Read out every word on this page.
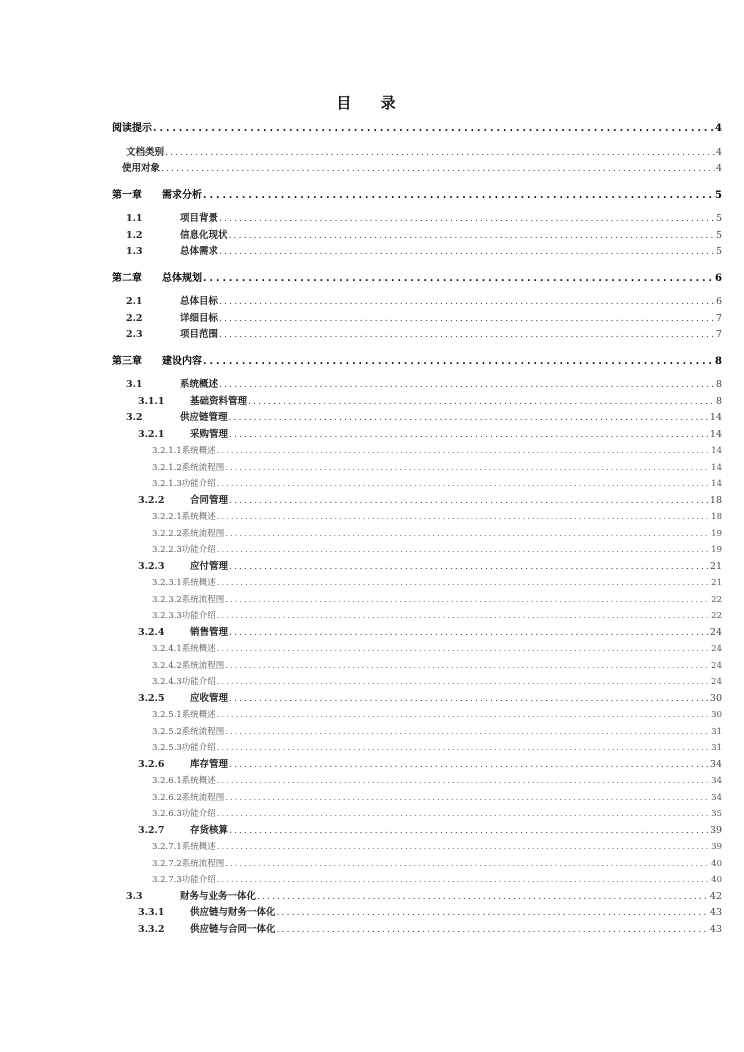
目 录
阅读提示 .....	4
文档类别 .....	4
使用对象 .....	4
第一章	需求分析 .....	5
1.1	项目背景 .....	5
1.2	信息化现状 .....	5
1.3	总体需求 .....	5
第二章	总体规划 .....	6
2.1	总体目标 .....	6
2.2	详细目标 .....	7
2.3	项目范围 .....	7
第三章	建设内容 .....	8
3.1	系统概述 .....	8
3.1.1	基础资料管理 .....	8
3.2	供应链管理 .....	14
3.2.1	采购管理 .....	14
3.2.1.1 系统概述 .....	14
3.2.1.2 系统流程图 .....	14
3.2.1.3 功能介绍 .....	14
3.2.2	合同管理 .....	18
3.2.2.1 系统概述 .....	18
3.2.2.2 系统流程图 .....	19
3.2.2.3 功能介绍 .....	19
3.2.3	应付管理 .....	21
3.2.3.1 系统概述 .....	21
3.2.3.2 系统流程图 .....	22
3.2.3.3 功能介绍 .....	22
3.2.4	销售管理 .....	24
3.2.4.1 系统概述 .....	24
3.2.4.2 系统流程图 .....	24
3.2.4.3 功能介绍 .....	24
3.2.5	应收管理 .....	30
3.2.5.1 系统概述 .....	30
3.2.5.2 系统流程图 .....	31
3.2.5.3 功能介绍 .....	31
3.2.6	库存管理 .....	34
3.2.6.1 系统概述 .....	34
3.2.6.2 系统流程图 .....	34
3.2.6.3 功能介绍 .....	35
3.2.7	存货核算 .....	39
3.2.7.1 系统概述 .....	39
3.2.7.2 系统流程图 .....	40
3.2.7.3 功能介绍 .....	40
3.3	财务与业务一体化 .....	42
3.3.1	供应链与财务一体化 .....	43
3.3.2	供应链与合同一体化 .....	43
